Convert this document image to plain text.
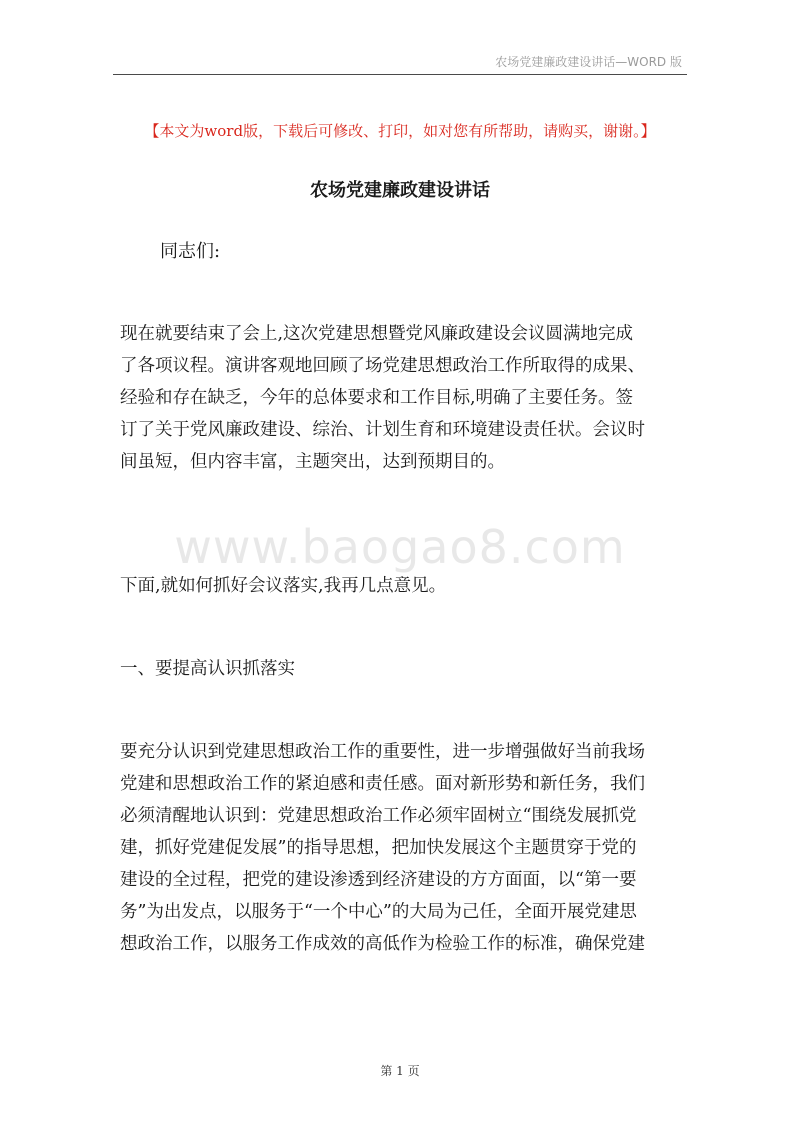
农场党建廉政建设讲话—WORD 版
【本文为word版，下载后可修改、打印，如对您有所帮助，请购买，谢谢。】
农场党建廉政建设讲话
同志们:
现在就要结束了会上,这次党建思想暨党风廉政建设会议圆满地完成
了各项议程。演讲客观地回顾了场党建思想政治工作所取得的成果、
经验和存在缺乏，今年的总体要求和工作目标,明确了主要任务。签
订了关于党风廉政建设、综治、计划生育和环境建设责任状。会议时
间虽短，但内容丰富，主题突出，达到预期目的。
www.baogao8.com
下面,就如何抓好会议落实,我再几点意见。
一、要提高认识抓落实
要充分认识到党建思想政治工作的重要性，进一步增强做好当前我场
党建和思想政治工作的紧迫感和责任感。面对新形势和新任务，我们
必须清醒地认识到：党建思想政治工作必须牢固树立“围绕发展抓党
建，抓好党建促发展”的指导思想，把加快发展这个主题贯穿于党的
建设的全过程，把党的建设渗透到经济建设的方方面面，以“第一要
务”为出发点，以服务于“一个中心”的大局为己任，全面开展党建思
想政治工作，以服务工作成效的高低作为检验工作的标准，确保党建
第 1 页
